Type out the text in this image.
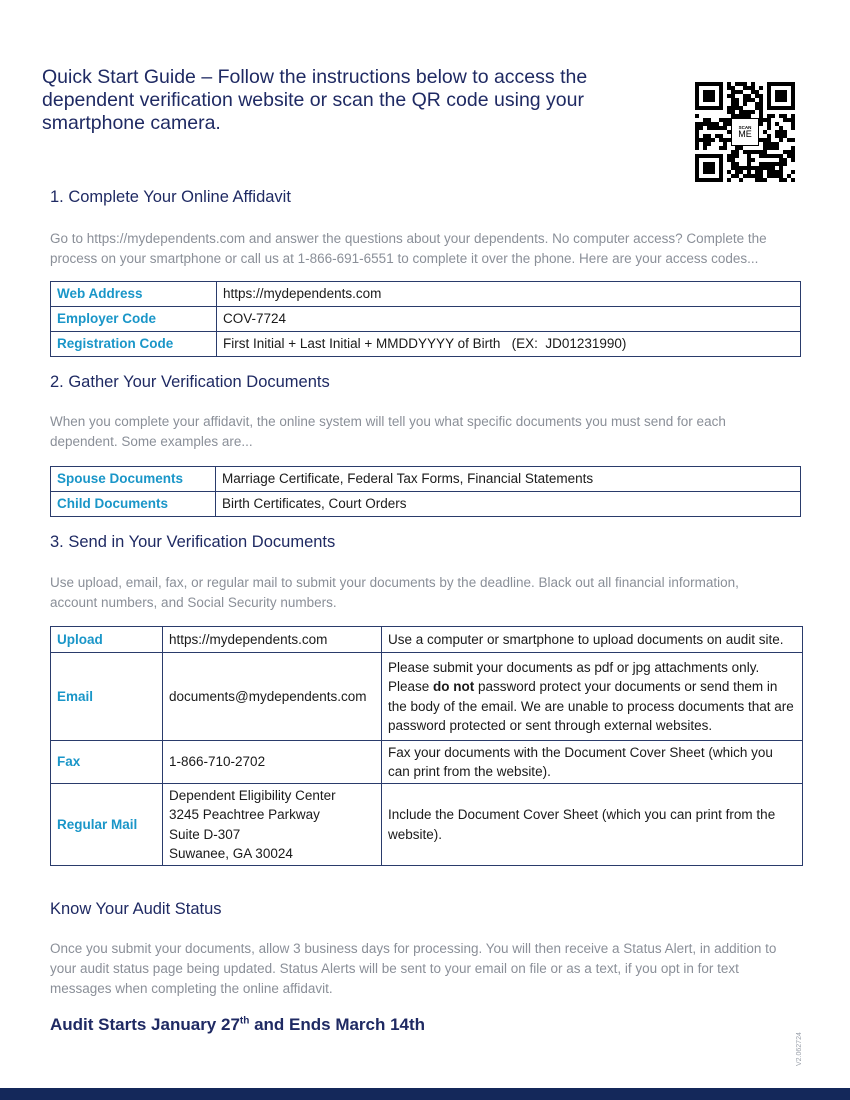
Quick Start Guide – Follow the instructions below to access the dependent verification website or scan the QR code using your smartphone camera.	SCAN
ME
1. Complete Your Online Affidavit

Go to https://mydependents.com and answer the questions about your dependents. No computer access? Complete the process on your smartphone or call us at 1-866-691-6551 to complete it over the phone. Here are your access codes...

Web Address	https://mydependents.com
Employer Code	COV-7724
Registration Code	First Initial + Last Initial + MMDDYYYY of Birth   (EX:  JD01231990)
2. Gather Your Verification Documents

When you complete your affidavit, the online system will tell you what specific documents you must send for each dependent. Some examples are...

Spouse Documents	Marriage Certificate, Federal Tax Forms, Financial Statements
Child Documents	Birth Certificates, Court Orders
3. Send in Your Verification Documents

Use upload, email, fax, or regular mail to submit your documents by the deadline. Black out all financial information, account numbers, and Social Security numbers.

Upload	https://mydependents.com	Use a computer or smartphone to upload documents on audit site.
Email	documents@mydependents.com	Please submit your documents as pdf or jpg attachments only. Please do not password protect your documents or send them in the body of the email. We are unable to process documents that are password protected or sent through external websites.
Fax	1-866-710-2702	Fax your documents with the Document Cover Sheet (which you can print from the website).
Regular Mail	Dependent Eligibility Center
3245 Peachtree Parkway
Suite D-307
Suwanee, GA 30024	Include the Document Cover Sheet (which you can print from the website).
Know Your Audit Status

Once you submit your documents, allow 3 business days for processing. You will then receive a Status Alert, in addition to your audit status page being updated. Status Alerts will be sent to your email on file or as a text, if you opt in for text messages when completing the online affidavit.

Audit Starts January 27th and Ends March 14th

V2.062724
